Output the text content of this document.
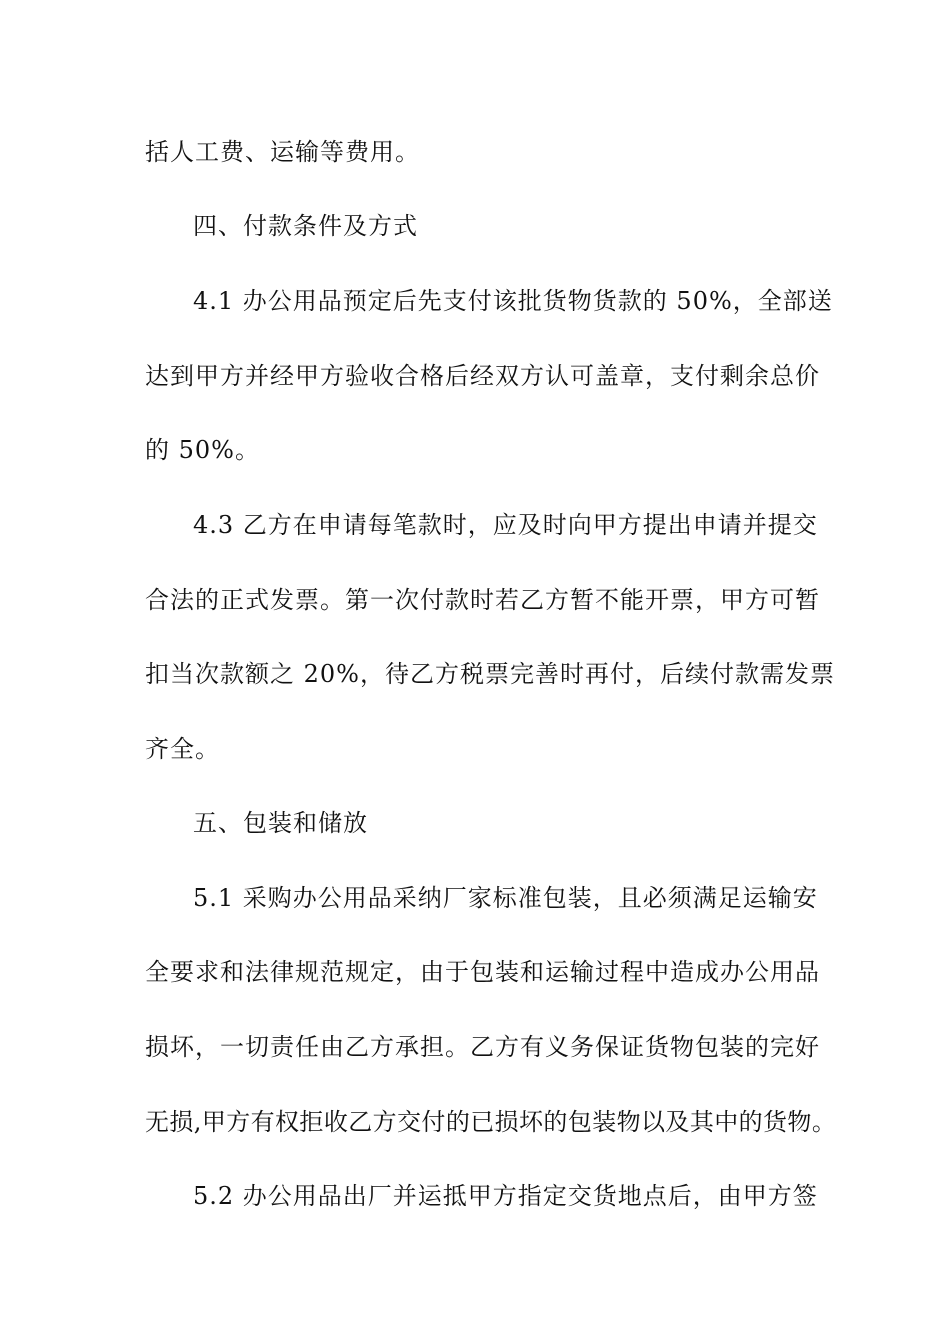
括人工费、运输等费用。

四、付款条件及方式

4.1 办公用品预定后先支付该批货物货款的 50%，全部送

达到甲方并经甲方验收合格后经双方认可盖章，支付剩余总价

的 50%。

4.3 乙方在申请每笔款时，应及时向甲方提出申请并提交

合法的正式发票。第一次付款时若乙方暂不能开票，甲方可暂

扣当次款额之 20%，待乙方税票完善时再付，后续付款需发票

齐全。

五、包装和储放

5.1 采购办公用品采纳厂家标准包装，且必须满足运输安

全要求和法律规范规定，由于包装和运输过程中造成办公用品

损坏，一切责任由乙方承担。乙方有义务保证货物包装的完好

无损,甲方有权拒收乙方交付的已损坏的包装物以及其中的货物。

5.2 办公用品出厂并运抵甲方指定交货地点后，由甲方签
